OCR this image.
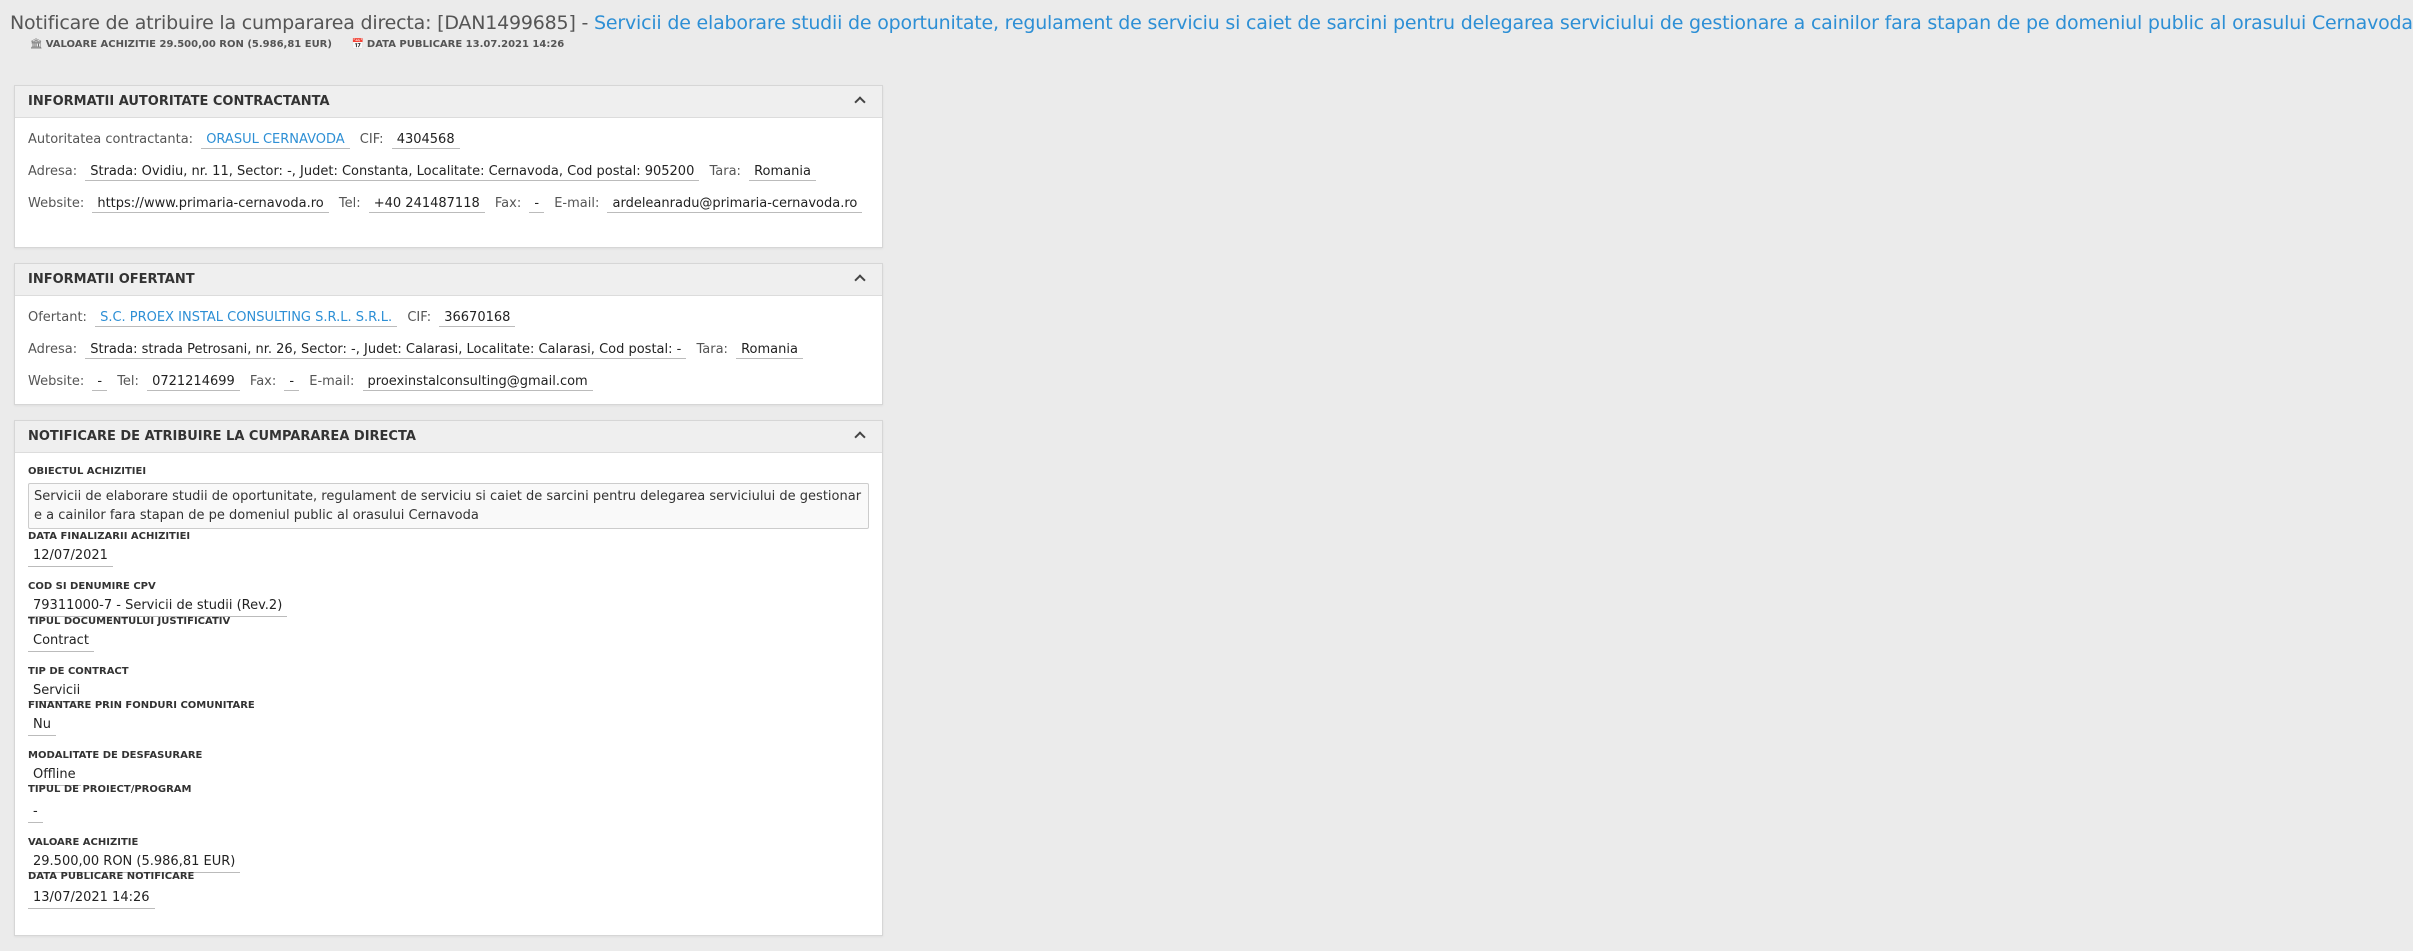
Notificare de atribuire la cumpararea directa: [DAN1499685] - Servicii de elaborare studii de oportunitate, regulament de serviciu si caiet de sarcini pentru delegarea serviciului de gestionare a cainilor fara stapan de pe domeniul public al orasului Cernavoda
🏛 VALOARE ACHIZITIE 29.500,00 RON (5.986,81 EUR) 📅 DATA PUBLICARE 13.07.2021 14:26
INFORMATII AUTORITATE CONTRACTANTA
Autoritatea contractanta: ORASUL CERNAVODA CIF: 4304568
Adresa: Strada: Ovidiu, nr. 11, Sector: -, Judet: Constanta, Localitate: Cernavoda, Cod postal: 905200 Tara: Romania
Website: https://www.primaria-cernavoda.ro Tel: +40 241487118 Fax: - E-mail: ardeleanradu@primaria-cernavoda.ro
INFORMATII OFERTANT
Ofertant: S.C. PROEX INSTAL CONSULTING S.R.L. S.R.L. CIF: 36670168
Adresa: Strada: strada Petrosani, nr. 26, Sector: -, Judet: Calarasi, Localitate: Calarasi, Cod postal: - Tara: Romania
Website: - Tel: 0721214699 Fax: - E-mail: proexinstalconsulting@gmail.com
NOTIFICARE DE ATRIBUIRE LA CUMPARAREA DIRECTA
OBIECTUL ACHIZITIEI
Servicii de elaborare studii de oportunitate, regulament de serviciu si caiet de sarcini pentru delegarea serviciului de gestionar e a cainilor fara stapan de pe domeniul public al orasului Cernavoda
DATA FINALIZARII ACHIZITIEI
12/07/2021
COD SI DENUMIRE CPV
79311000-7 - Servicii de studii (Rev.2)
TIPUL DOCUMENTULUI JUSTIFICATIV
Contract
TIP DE CONTRACT
Servicii
FINANTARE PRIN FONDURI COMUNITARE
Nu
MODALITATE DE DESFASURARE
Offline
TIPUL DE PROIECT/PROGRAM
-
VALOARE ACHIZITIE
29.500,00 RON (5.986,81 EUR)
DATA PUBLICARE NOTIFICARE
13/07/2021 14:26
